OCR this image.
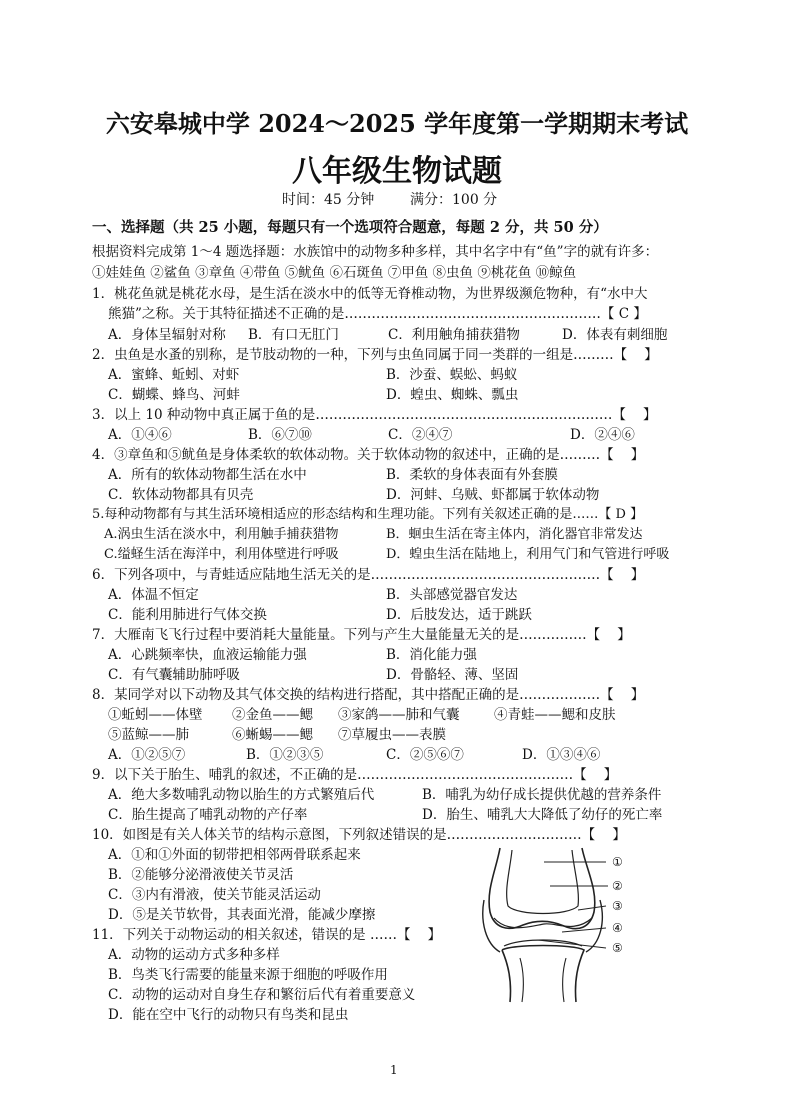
六安皋城中学 2024～2025 学年度第一学期期末考试
八年级生物试题
时间：45 分钟	满分：100 分
一、选择题（共 25 小题，每题只有一个选项符合题意，每题 2 分，共 50 分）
根据资料完成第 1～4 题选择题：水族馆中的动物多种多样，其中名字中有“鱼”字的就有许多：
①娃娃鱼 ②鲨鱼 ③章鱼 ④带鱼 ⑤鱿鱼 ⑥石斑鱼 ⑦甲鱼 ⑧虫鱼 ⑨桃花鱼 ⑩鲸鱼
1．桃花鱼就是桃花水母，是生活在淡水中的低等无脊椎动物，为世界级濒危物种，有“水中大
熊猫”之称。关于其特征描述不正确的是…………………………………………………【 C 】
A．身体呈辐射对称 B．有口无肛门	C．利用触角捕获猎物	D．体表有刺细胞
2．虫鱼是水蚤的别称，是节肢动物的一种，下列与虫鱼同属于同一类群的一组是………【    】
A．蜜蜂、蚯蚓、对虾	B．沙蚕、蜈蚣、蚂蚁
C．蝴蝶、蜂鸟、河蚌	D．蝗虫、蜘蛛、瓢虫
3．以上 10 种动物中真正属于鱼的是…………………………………………………………【    】
A．①④⑥	B．⑥⑦⑩	C．②④⑦	D．②④⑥
4．③章鱼和⑤鱿鱼是身体柔软的软体动物。关于软体动物的叙述中，正确的是………【    】
A．所有的软体动物都生活在水中	B．柔软的身体表面有外套膜
C．软体动物都具有贝壳	D．河蚌、乌贼、虾都属于软体动物
5.每种动物都有与其生活环境相适应的形态结构和生理功能。下列有关叙述正确的是……【 D 】
A.涡虫生活在淡水中，利用触手捕获猎物	B．蛔虫生活在寄主体内，消化器官非常发达
C.缢蛏生活在海洋中，利用体壁进行呼吸	D．蝗虫生活在陆地上，利用气门和气管进行呼吸
6．下列各项中，与青蛙适应陆地生活无关的是……………………………………………【    】
A．体温不恒定	B．头部感觉器官发达
C．能利用肺进行气体交换	D．后肢发达，适于跳跃
7．大雁南飞飞行过程中要消耗大量能量。下列与产生大量能量无关的是……………【    】
A．心跳频率快，血液运输能力强	B．消化能力强
C．有气囊辅助肺呼吸	D．骨骼轻、薄、坚固
8．某同学对以下动物及其气体交换的结构进行搭配，其中搭配正确的是………………【    】
①蚯蚓——体壁 ②金鱼——鳃 ③家鸽——肺和气囊	④青蛙——鳃和皮肤
⑤蓝鲸——肺	⑥蜥蜴——鳃 ⑦草履虫——表膜
A．①②⑤⑦	B．①②③⑤	C．②⑤⑥⑦	D．①③④⑥
9．以下关于胎生、哺乳的叙述，不正确的是…………………………………………【    】
A．绝大多数哺乳动物以胎生的方式繁殖后代	B．哺乳为幼仔成长提供优越的营养条件
C．胎生提高了哺乳动物的产仔率	D．胎生、哺乳大大降低了幼仔的死亡率
10．如图是有关人体关节的结构示意图，下列叙述错误的是…………………………【    】
A．①和①外面的韧带把相邻两骨联系起来
B．②能够分泌滑液使关节灵活
C．③内有滑液，使关节能灵活运动
D．⑤是关节软骨，其表面光滑，能减少摩擦
11．下列关于动物运动的相关叙述，错误的是 ……【    】
A．动物的运动方式多种多样
B．鸟类飞行需要的能量来源于细胞的呼吸作用
C．动物的运动对自身生存和繁衍后代有着重要意义
D．能在空中飞行的动物只有鸟类和昆虫
①
②
③
④
⑤
1
